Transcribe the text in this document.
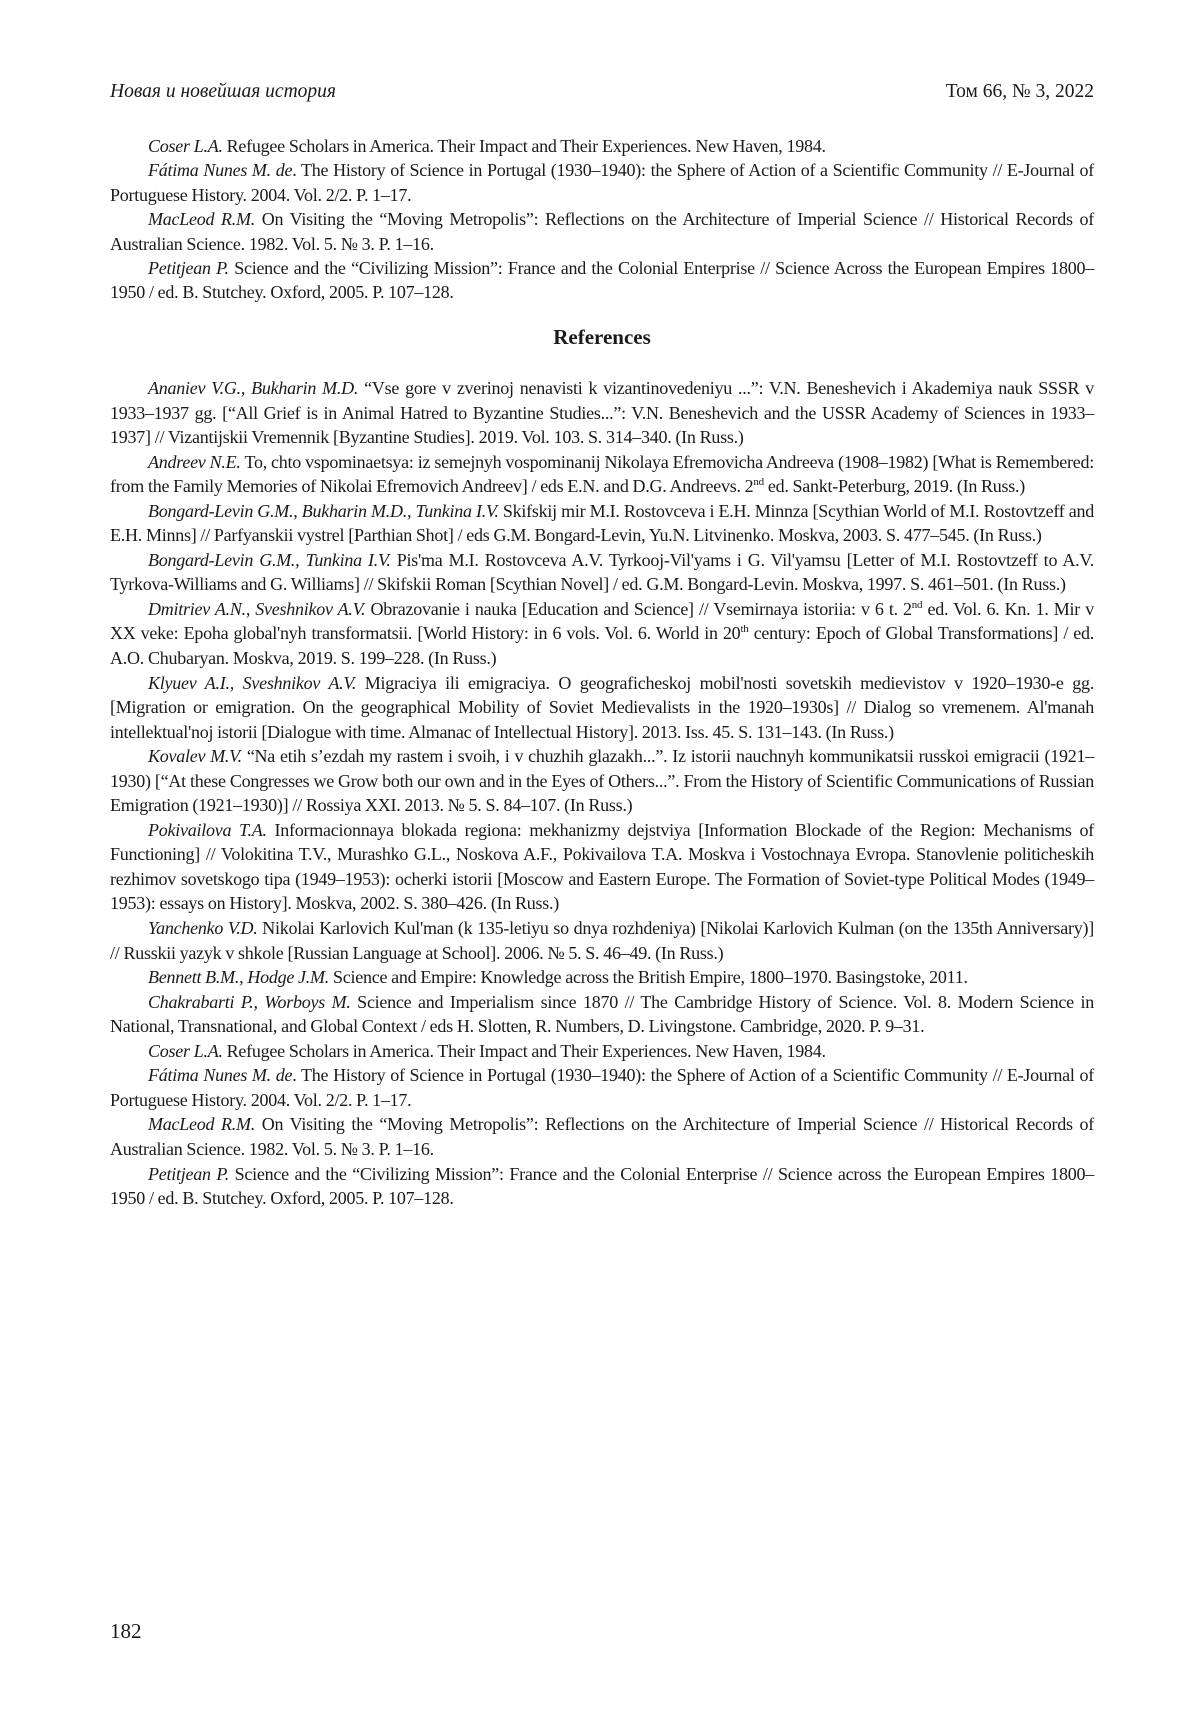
Новая и новейшая история	Том 66, № 3, 2022

Coser L.A. Refugee Scholars in America. Their Impact and Their Experiences. New Haven, 1984.

Fátima Nunes M. de. The History of Science in Portugal (1930–1940): the Sphere of Action of a Scientific Community // E-Journal of Portuguese History. 2004. Vol. 2/2. P. 1–17.

MacLeod R.M. On Visiting the “Moving Metropolis”: Reflections on the Architecture of Imperial Science // Historical Records of Australian Science. 1982. Vol. 5. № 3. P. 1–16.

Petitjean P. Science and the “Civilizing Mission”: France and the Colonial Enterprise // Science Across the European Empires 1800–1950 / ed. B. Stutchey. Oxford, 2005. P. 107–128.

References

Ananiev V.G., Bukharin M.D. “Vse gore v zverinoj nenavisti k vizantinovedeniyu ...”: V.N. Beneshevich i Akademiya nauk SSSR v 1933–1937 gg. [“All Grief is in Animal Hatred to Byzantine Studies...”: V.N. Beneshevich and the USSR Academy of Sciences in 1933–1937] // Vizantijskii Vremennik [Byzantine Studies]. 2019. Vol. 103. S. 314–340. (In Russ.)

Andreev N.E. To, chto vspominaetsya: iz semejnyh vospominanij Nikolaya Efremovicha Andreeva (1908–1982) [What is Remembered: from the Family Memories of Nikolai Efremovich Andreev] / eds E.N. and D.G. Andreevs. 2nd ed. Sankt-Peterburg, 2019. (In Russ.)

Bongard-Levin G.M., Bukharin M.D., Tunkina I.V. Skifskij mir M.I. Rostovceva i E.H. Minnza [Scythian World of M.I. Rostovtzeff and E.H. Minns] // Parfyanskii vystrel [Parthian Shot] / eds G.M. Bongard-Levin, Yu.N. Litvinenko. Moskva, 2003. S. 477–545. (In Russ.)

Bongard-Levin G.M., Tunkina I.V. Pis'ma M.I. Rostovceva A.V. Tyrkooj-Vil'yams i G. Vil'yamsu [Letter of M.I. Rostovtzeff to A.V. Tyrkova-Williams and G. Williams] // Skifskii Roman [Scythian Novel] / ed. G.M. Bongard-Levin. Moskva, 1997. S. 461–501. (In Russ.)

Dmitriev A.N., Sveshnikov A.V. Obrazovanie i nauka [Education and Science] // Vsemirnaya istoriia: v 6 t. 2nd ed. Vol. 6. Kn. 1. Mir v XX veke: Epoha global'nyh transformatsii. [World History: in 6 vols. Vol. 6. World in 20th century: Epoch of Global Transformations] / ed. A.O. Chubaryan. Moskva, 2019. S. 199–228. (In Russ.)

Klyuev A.I., Sveshnikov A.V. Migraciya ili emigraciya. O geograficheskoj mobil'nosti sovetskih medievistov v 1920–1930-e gg. [Migration or emigration. On the geographical Mobility of Soviet Medievalists in the 1920–1930s] // Dialog so vremenem. Al'manah intellektual'noj istorii [Dialogue with time. Almanac of Intellectual History]. 2013. Iss. 45. S. 131–143. (In Russ.)

Kovalev M.V. “Na etih s’ezdah my rastem i svoih, i v chuzhih glazakh...”. Iz istorii nauchnyh kommunikatsii russkoi emigracii (1921–1930) [“At these Congresses we Grow both our own and in the Eyes of Others...”. From the History of Scientific Communications of Russian Emigration (1921–1930)] // Rossiya XXI. 2013. № 5. S. 84–107. (In Russ.)

Pokivailova T.A. Informacionnaya blokada regiona: mekhanizmy dejstviya [Information Blockade of the Region: Mechanisms of Functioning] // Volokitina T.V., Murashko G.L., Noskova A.F., Pokivailova T.A. Moskva i Vostochnaya Evropa. Stanovlenie politicheskih rezhimov sovetskogo tipa (1949–1953): ocherki istorii [Moscow and Eastern Europe. The Formation of Soviet-type Political Modes (1949–1953): essays on History]. Moskva, 2002. S. 380–426. (In Russ.)

Yanchenko V.D. Nikolai Karlovich Kul'man (k 135-letiyu so dnya rozhdeniya) [Nikolai Karlovich Kulman (on the 135th Anniversary)] // Russkii yazyk v shkole [Russian Language at School]. 2006. № 5. S. 46–49. (In Russ.)

Bennett B.M., Hodge J.M. Science and Empire: Knowledge across the British Empire, 1800–1970. Basingstoke, 2011.

Chakrabarti P., Worboys M. Science and Imperialism since 1870 // The Cambridge History of Science. Vol. 8. Modern Science in National, Transnational, and Global Context / eds H. Slotten, R. Numbers, D. Livingstone. Cambridge, 2020. P. 9–31.

Coser L.A. Refugee Scholars in America. Their Impact and Their Experiences. New Haven, 1984.

Fátima Nunes M. de. The History of Science in Portugal (1930–1940): the Sphere of Action of a Scientific Community // E-Journal of Portuguese History. 2004. Vol. 2/2. P. 1–17.

MacLeod R.M. On Visiting the “Moving Metropolis”: Reflections on the Architecture of Imperial Science // Historical Records of Australian Science. 1982. Vol. 5. № 3. P. 1–16.

Petitjean P. Science and the “Civilizing Mission”: France and the Colonial Enterprise // Science across the European Empires 1800–1950 / ed. B. Stutchey. Oxford, 2005. P. 107–128.

182
